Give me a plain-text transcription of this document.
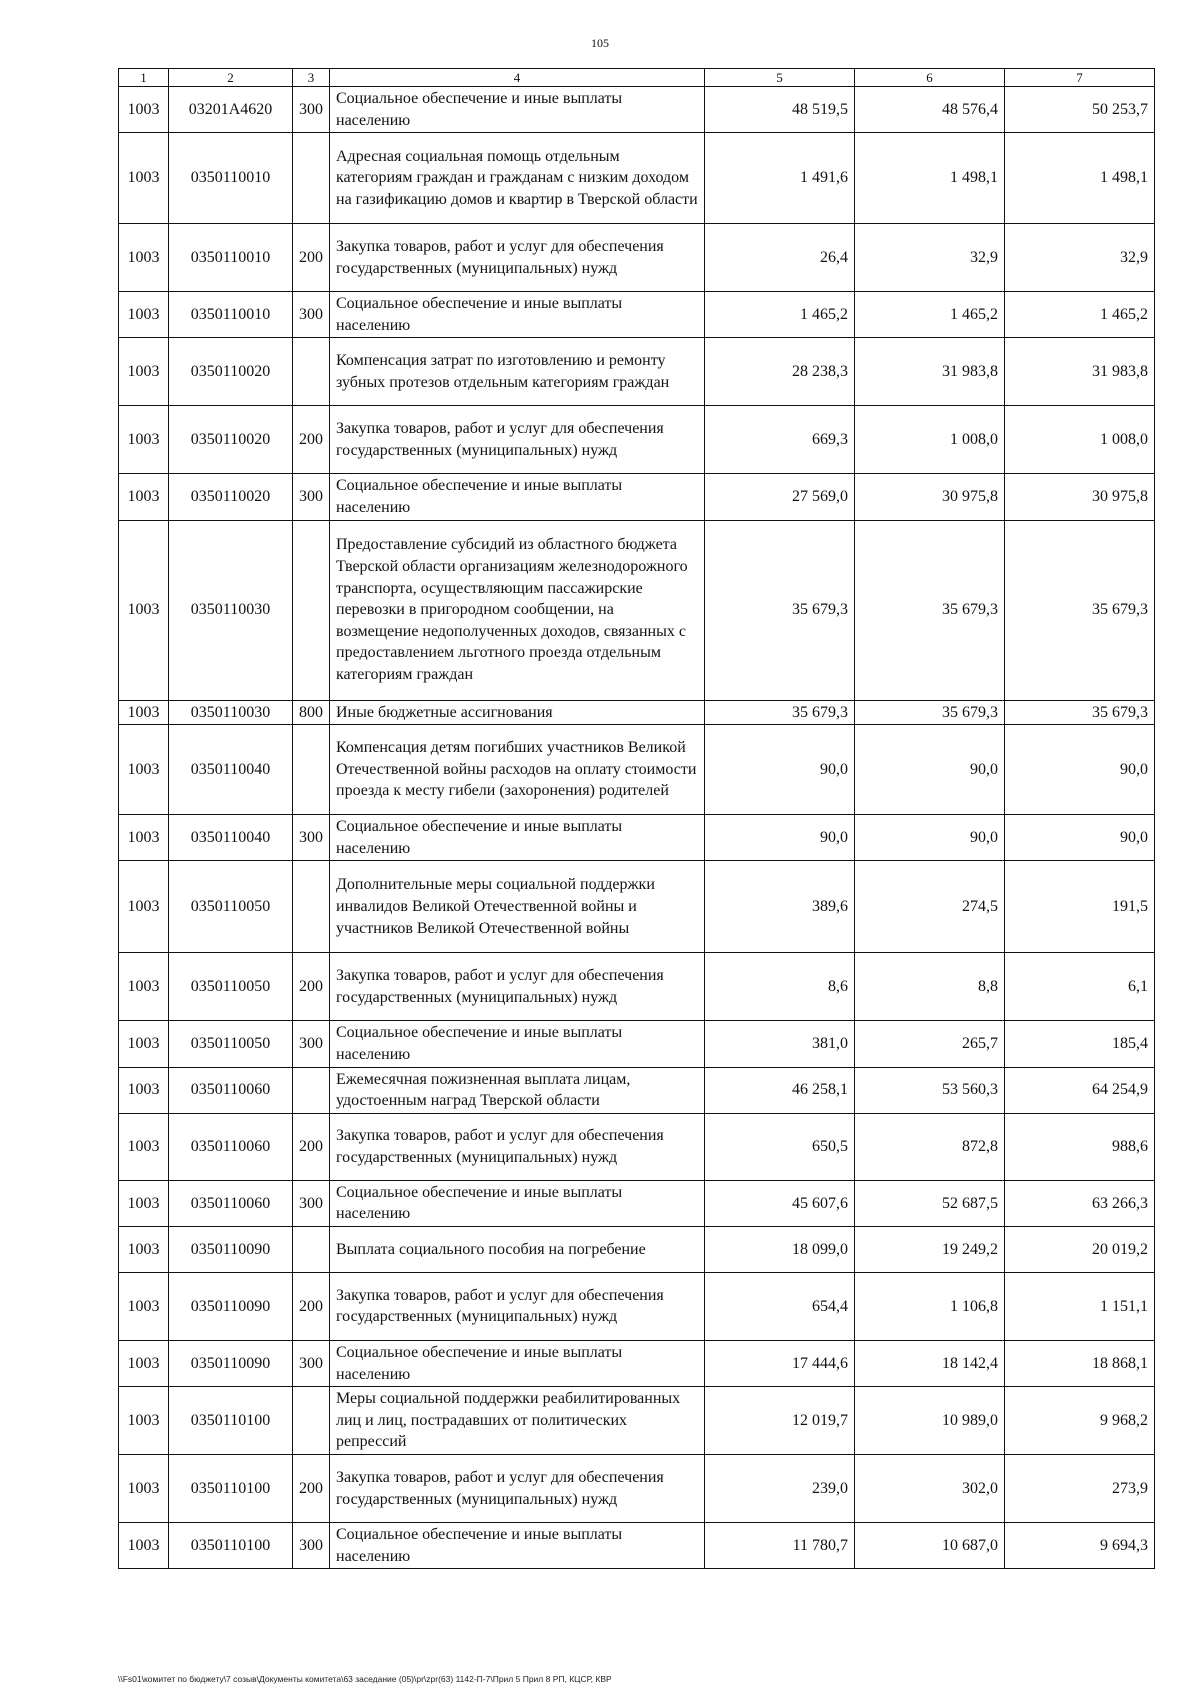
105
1	2	3	4	5	6	7
1003	03201A4620	300	Социальное обеспечение и иные выплаты населению	48 519,5	48 576,4	50 253,7
1003	0350110010		Адресная социальная помощь отдельным категориям граждан и гражданам с низким доходом на газификацию домов и квартир в Тверской области	1 491,6	1 498,1	1 498,1
1003	0350110010	200	Закупка товаров, работ и услуг для обеспечения государственных (муниципальных) нужд	26,4	32,9	32,9
1003	0350110010	300	Социальное обеспечение и иные выплаты населению	1 465,2	1 465,2	1 465,2
1003	0350110020		Компенсация затрат по изготовлению и ремонту зубных протезов отдельным категориям граждан	28 238,3	31 983,8	31 983,8
1003	0350110020	200	Закупка товаров, работ и услуг для обеспечения государственных (муниципальных) нужд	669,3	1 008,0	1 008,0
1003	0350110020	300	Социальное обеспечение и иные выплаты населению	27 569,0	30 975,8	30 975,8
1003	0350110030		Предоставление субсидий из областного бюджета Тверской области организациям железнодорожного транспорта, осуществляющим пассажирские перевозки в пригородном сообщении, на возмещение недополученных доходов, связанных с предоставлением льготного проезда отдельным категориям граждан	35 679,3	35 679,3	35 679,3
1003	0350110030	800	Иные бюджетные ассигнования	35 679,3	35 679,3	35 679,3
1003	0350110040		Компенсация детям погибших участников Великой Отечественной войны расходов на оплату стоимости проезда к месту гибели (захоронения) родителей	90,0	90,0	90,0
1003	0350110040	300	Социальное обеспечение и иные выплаты населению	90,0	90,0	90,0
1003	0350110050		Дополнительные меры социальной поддержки инвалидов Великой Отечественной войны и участников Великой Отечественной войны	389,6	274,5	191,5
1003	0350110050	200	Закупка товаров, работ и услуг для обеспечения государственных (муниципальных) нужд	8,6	8,8	6,1
1003	0350110050	300	Социальное обеспечение и иные выплаты населению	381,0	265,7	185,4
1003	0350110060		Ежемесячная пожизненная выплата лицам, удостоенным наград Тверской области	46 258,1	53 560,3	64 254,9
1003	0350110060	200	Закупка товаров, работ и услуг для обеспечения государственных (муниципальных) нужд	650,5	872,8	988,6
1003	0350110060	300	Социальное обеспечение и иные выплаты населению	45 607,6	52 687,5	63 266,3
1003	0350110090		Выплата социального пособия на погребение	18 099,0	19 249,2	20 019,2
1003	0350110090	200	Закупка товаров, работ и услуг для обеспечения государственных (муниципальных) нужд	654,4	1 106,8	1 151,1
1003	0350110090	300	Социальное обеспечение и иные выплаты населению	17 444,6	18 142,4	18 868,1
1003	0350110100		Меры социальной поддержки реабилитированных лиц и лиц, пострадавших от политических репрессий	12 019,7	10 989,0	9 968,2
1003	0350110100	200	Закупка товаров, работ и услуг для обеспечения государственных (муниципальных) нужд	239,0	302,0	273,9
1003	0350110100	300	Социальное обеспечение и иные выплаты населению	11 780,7	10 687,0	9 694,3
\\Fs01\комитет по бюджету\7 созыв\Документы комитета\63 заседание (05)\pr\zpr(63) 1142-П-7\Прил 5 Прил 8 РП, КЦСР, КВР
